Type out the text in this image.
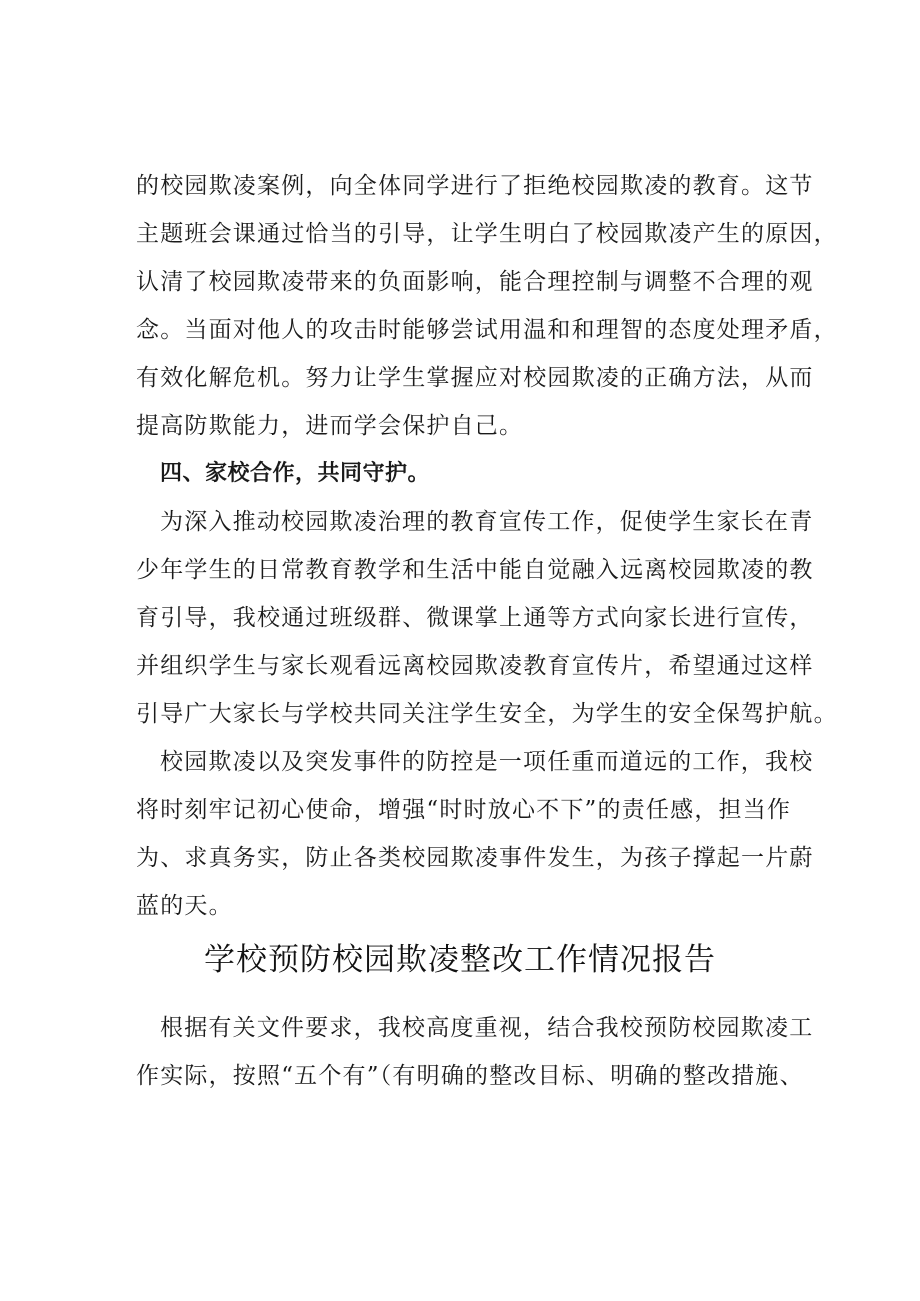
的校园欺凌案例，向全体同学进行了拒绝校园欺凌的教育。这节
主题班会课通过恰当的引导，让学生明白了校园欺凌产生的原因，
认清了校园欺凌带来的负面影响，能合理控制与调整不合理的观
念。当面对他人的攻击时能够尝试用温和和理智的态度处理矛盾，
有效化解危机。努力让学生掌握应对校园欺凌的正确方法，从而
提高防欺能力，进而学会保护自己。
四、家校合作，共同守护。
为深入推动校园欺凌治理的教育宣传工作，促使学生家长在青
少年学生的日常教育教学和生活中能自觉融入远离校园欺凌的教
育引导，我校通过班级群、微课掌上通等方式向家长进行宣传，
并组织学生与家长观看远离校园欺凌教育宣传片，希望通过这样
引导广大家长与学校共同关注学生安全，为学生的安全保驾护航。
校园欺凌以及突发事件的防控是一项任重而道远的工作，我校
将时刻牢记初心使命，增强“时时放心不下”的责任感，担当作
为、求真务实，防止各类校园欺凌事件发生，为孩子撑起一片蔚
蓝的天。
学校预防校园欺凌整改工作情况报告
根据有关文件要求，我校高度重视，结合我校预防校园欺凌工
作实际，按照“五个有”（有明确的整改目标、明确的整改措施、
